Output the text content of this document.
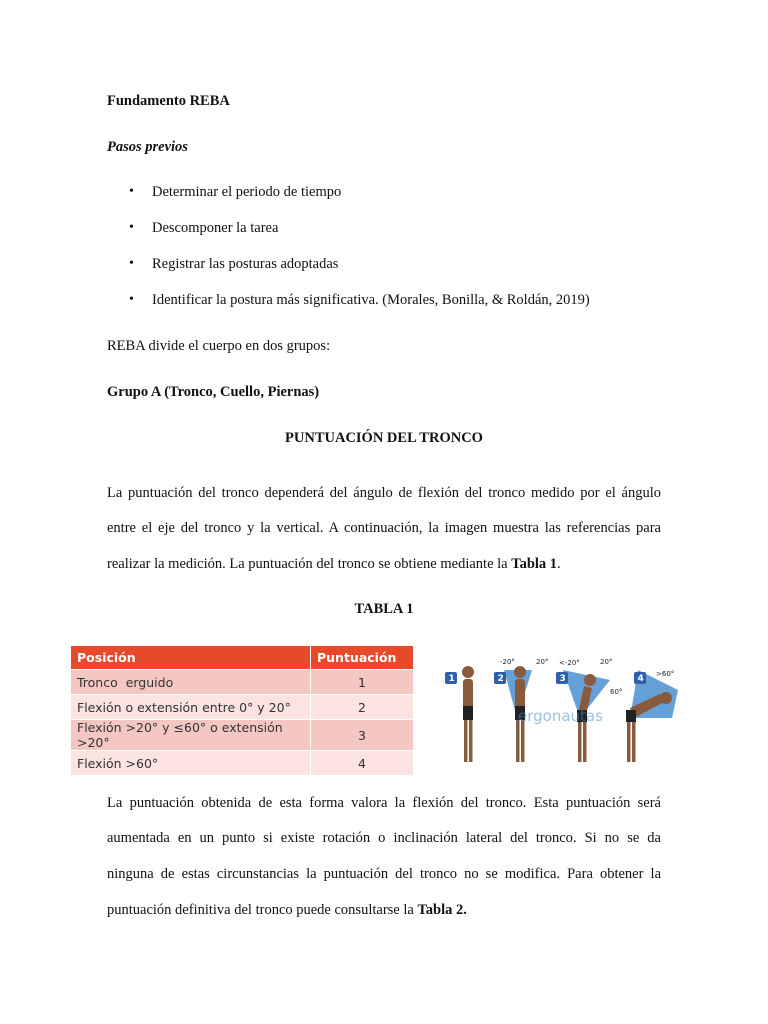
Fundamento REBA
Pasos previos
• Determinar el periodo de tiempo
• Descomponer la tarea
• Registrar las posturas adoptadas
• Identificar la postura más significativa. (Morales, Bonilla, & Roldán, 2019)
REBA divide el cuerpo en dos grupos:
Grupo A (Tronco, Cuello, Piernas)
PUNTUACIÓN DEL TRONCO
La puntuación del tronco dependerá del ángulo de flexión del tronco medido por el ángulo
entre el eje del tronco y la vertical. A continuación, la imagen muestra las referencias para
realizar la medición. La puntuación del tronco se obtiene mediante la Tabla 1.
TABLA 1
Posición	Puntuación
Tronco  erguido	1
Flexión o extensión entre 0° y 20°	2
Flexión >20° y ≤60° o extensión >20°	3
Flexión >60°	4
1	2	3	4
-20°	20° <-20°	20°
60°
>60°
ergonautas
La puntuación obtenida de esta forma valora la flexión del tronco. Esta puntuación será
aumentada en un punto si existe rotación o inclinación lateral del tronco. Si no se da
ninguna de estas circunstancias la puntuación del tronco no se modifica. Para obtener la
puntuación definitiva del tronco puede consultarse la Tabla 2.
